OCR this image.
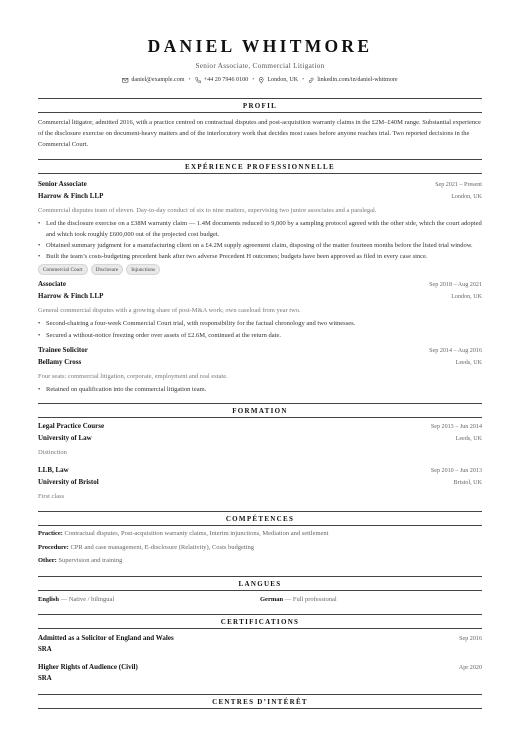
DANIEL WHITMORE
Senior Associate, Commercial Litigation
daniel@example.com • +44 20 7946 0100 • London, UK • linkedin.com/in/daniel-whitmore
PROFIL
Commercial litigator, admitted 2016, with a practice centred on contractual disputes and post-acquisition warranty claims in the £2M–£40M range. Substantial experience of the disclosure exercise on document-heavy matters and of the interlocutory work that decides most cases before anyone reaches trial. Two reported decisions in the Commercial Court.
EXPÉRIENCE PROFESSIONNELLE
Senior Associate	Sep 2021 – Present
Harrow & Finch LLP	London, UK
Commercial disputes team of eleven. Day-to-day conduct of six to nine matters, supervising two junior associates and a paralegal.
• Led the disclosure exercise on a £38M warranty claim — 1.4M documents reduced to 9,000 by a sampling protocol agreed with the other side, which the court adopted and which took roughly £600,000 out of the projected cost budget.
• Obtained summary judgment for a manufacturing client on a £4.2M supply agreement claim, disposing of the matter fourteen months before the listed trial window.
• Built the team’s costs-budgeting precedent bank after two adverse Precedent H outcomes; budgets have been approved as filed in every case since.
Commercial Court	Disclosure	Injunctions
Associate	Sep 2018 – Aug 2021
Harrow & Finch LLP	London, UK
General commercial disputes with a growing share of post-M&A work; own caseload from year two.
• Second-chairing a four-week Commercial Court trial, with responsibility for the factual chronology and two witnesses.
• Secured a without-notice freezing order over assets of £2.6M, continued at the return date.
Trainee Solicitor	Sep 2014 – Aug 2016
Bellamy Cross	Leeds, UK
Four seats: commercial litigation, corporate, employment and real estate.
• Retained on qualification into the commercial litigation team.
FORMATION
Legal Practice Course	Sep 2013 – Jun 2014
University of Law	Leeds, UK
Distinction
LLB, Law	Sep 2010 – Jun 2013
University of Bristol	Bristol, UK
First class
COMPÉTENCES
Practice: Contractual disputes, Post-acquisition warranty claims, Interim injunctions, Mediation and settlement
Procedure: CPR and case management, E-disclosure (Relativity), Costs budgeting
Other: Supervision and training
LANGUES
English — Native / bilingual	German — Full professional
CERTIFICATIONS
Admitted as a Solicitor of England and Wales	Sep 2016
SRA
Higher Rights of Audience (Civil)	Apr 2020
SRA
CENTRES D’INTÉRÊT
